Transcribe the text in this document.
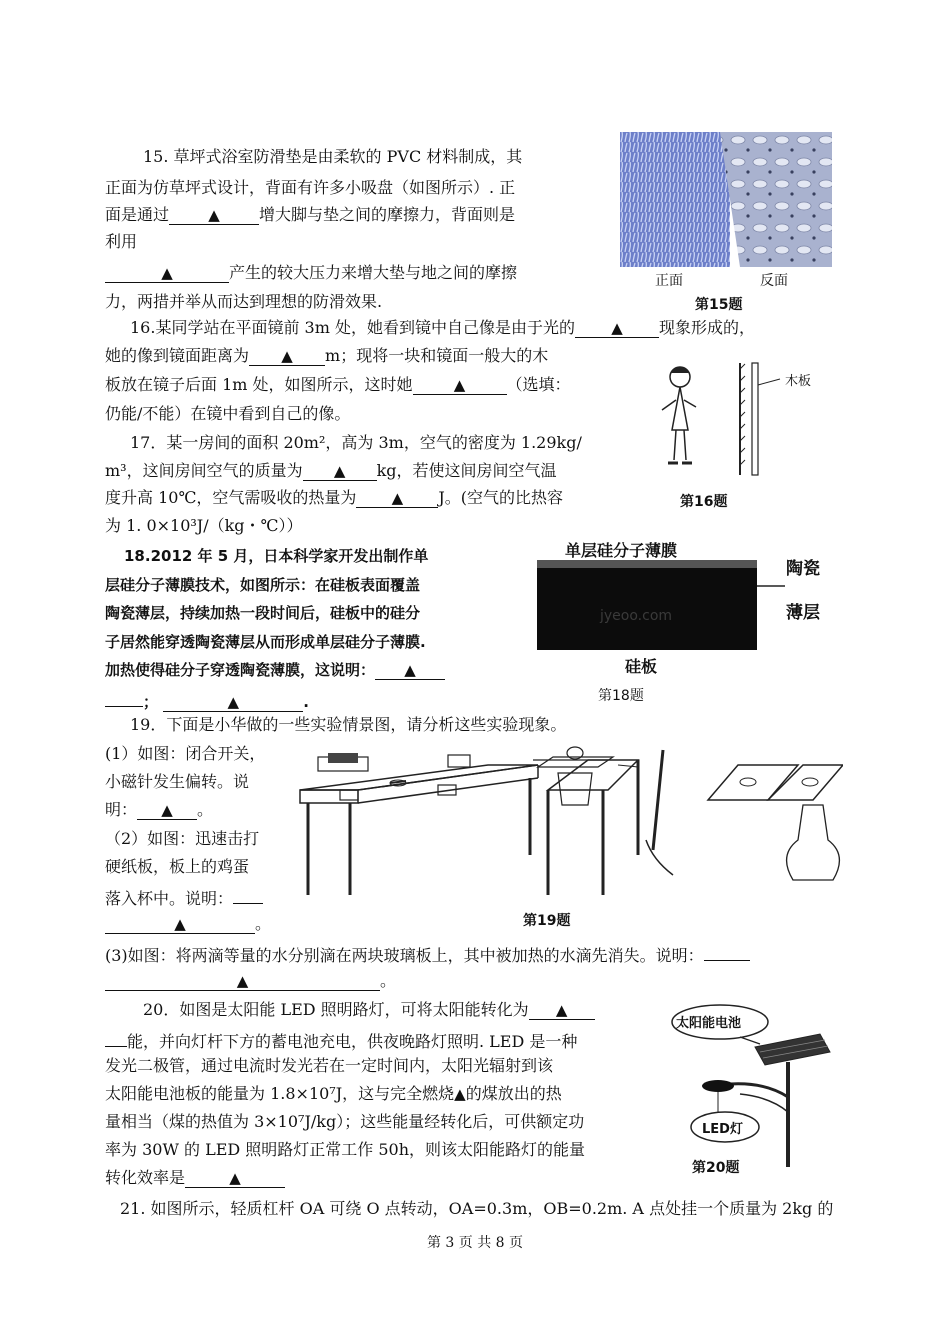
15. 草坪式浴室防滑垫是由柔软的 PVC 材料制成，其
正面为仿草坪式设计，背面有许多小吸盘（如图所示）. 正
面是通过	▲ 增大脚与垫之间的摩擦力，背面则是
利用
▲	产生的较大压力来增大垫与地之间的摩擦
力，两措并举从而达到理想的防滑效果.
正面	反面
第15题
16.某同学站在平面镜前 3m 处，她看到镜中自己像是由于光的 ▲ 现象形成的，
她的像到镜面距离为 ▲ m；现将一块和镜面一般大的木
板放在镜子后面 1m 处，如图所示，这时她	▲	（选填：
仍能/不能）在镜中看到自己的像。
木板
第16题
17．某一房间的面积 20m²，高为 3m，空气的密度为 1.29kg/
m³，这间房间空气的质量为 ▲ kg，若使这间房间空气温
度升高 10℃，空气需吸收的热量为 ▲ J。(空气的比热容
为 1. 0×10³J/（kg・℃））
18.2012 年 5 月，日本科学家开发出制作单
层硅分子薄膜技术，如图所示：在硅板表面覆盖
陶瓷薄层，持续加热一段时间后，硅板中的硅分
子居然能穿透陶瓷薄层从而形成单层硅分子薄膜.
加热使得硅分子穿透陶瓷薄膜，这说明： ▲
；	▲	.
单层硅分子薄膜
jyeoo.com
陶瓷
薄层
硅板
第18题
19．下面是小华做的一些实验情景图，请分析这些实验现象。
(1）如图：闭合开关，
小磁针发生偏转。说
明： ▲ 。
（2）如图：迅速击打
硬纸板，板上的鸡蛋
落入杯中。说明：
▲	。
(3)如图：将两滴等量的水分别滴在两块玻璃板上，其中被加热的水滴先消失。说明：
▲	。
第19题
20．如图是太阳能 LED 照明路灯，可将太阳能转化为 ▲
能，并向灯杆下方的蓄电池充电，供夜晚路灯照明. LED 是一种
发光二极管，通过电流时发光若在一定时间内，太阳光辐射到该
太阳能电池板的能量为 1.8×10⁷J，这与完全燃烧▲的煤放出的热
量相当（煤的热值为 3×10⁷J/kg）；这些能量经转化后，可供额定功
率为 30W 的 LED 照明路灯正常工作 50h，则该太阳能路灯的能量
转化效率是	▲
太阳能电池
LED灯
第20题
21. 如图所示，轻质杠杆 OA 可绕 O 点转动，OA=0.3m，OB=0.2m. A 点处挂一个质量为 2kg 的
第 3 页 共 8 页
